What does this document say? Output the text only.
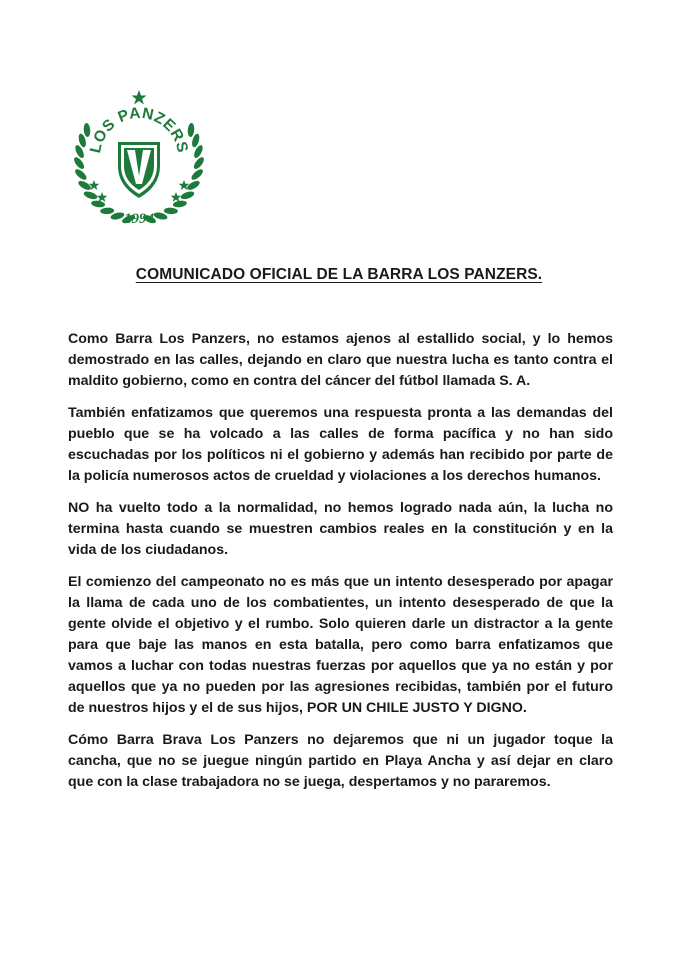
LOS PANZERS
1994
COMUNICADO OFICIAL DE LA BARRA LOS PANZERS.

Como Barra Los Panzers, no estamos ajenos al estallido social, y lo hemos demostrado en las calles, dejando en claro que nuestra lucha es tanto contra el maldito gobierno, como en contra del cáncer del fútbol llamada S. A.

También enfatizamos que queremos una respuesta pronta a las demandas del pueblo que se ha volcado a las calles de forma pacífica y no han sido escuchadas por los políticos ni el gobierno y además han recibido por parte de la policía numerosos actos de crueldad y violaciones a los derechos humanos.

NO ha vuelto todo a la normalidad, no hemos logrado nada aún, la lucha no termina hasta cuando se muestren cambios reales en la constitución y en la vida de los ciudadanos.

El comienzo del campeonato no es más que un intento desesperado por apagar la llama de cada uno de los combatientes, un intento desesperado de que la gente olvide el objetivo y el rumbo. Solo quieren darle un distractor a la gente para que baje las manos en esta batalla, pero como barra enfatizamos que vamos a luchar con todas nuestras fuerzas por aquellos que ya no están y por aquellos que ya no pueden por las agresiones recibidas, también por el futuro de nuestros hijos y el de sus hijos, POR UN CHILE JUSTO Y DIGNO.

Cómo Barra Brava Los Panzers no dejaremos que ni un jugador toque la cancha, que no se juegue ningún partido en Playa Ancha y así dejar en claro que con la clase trabajadora no se juega, despertamos y no pararemos.
